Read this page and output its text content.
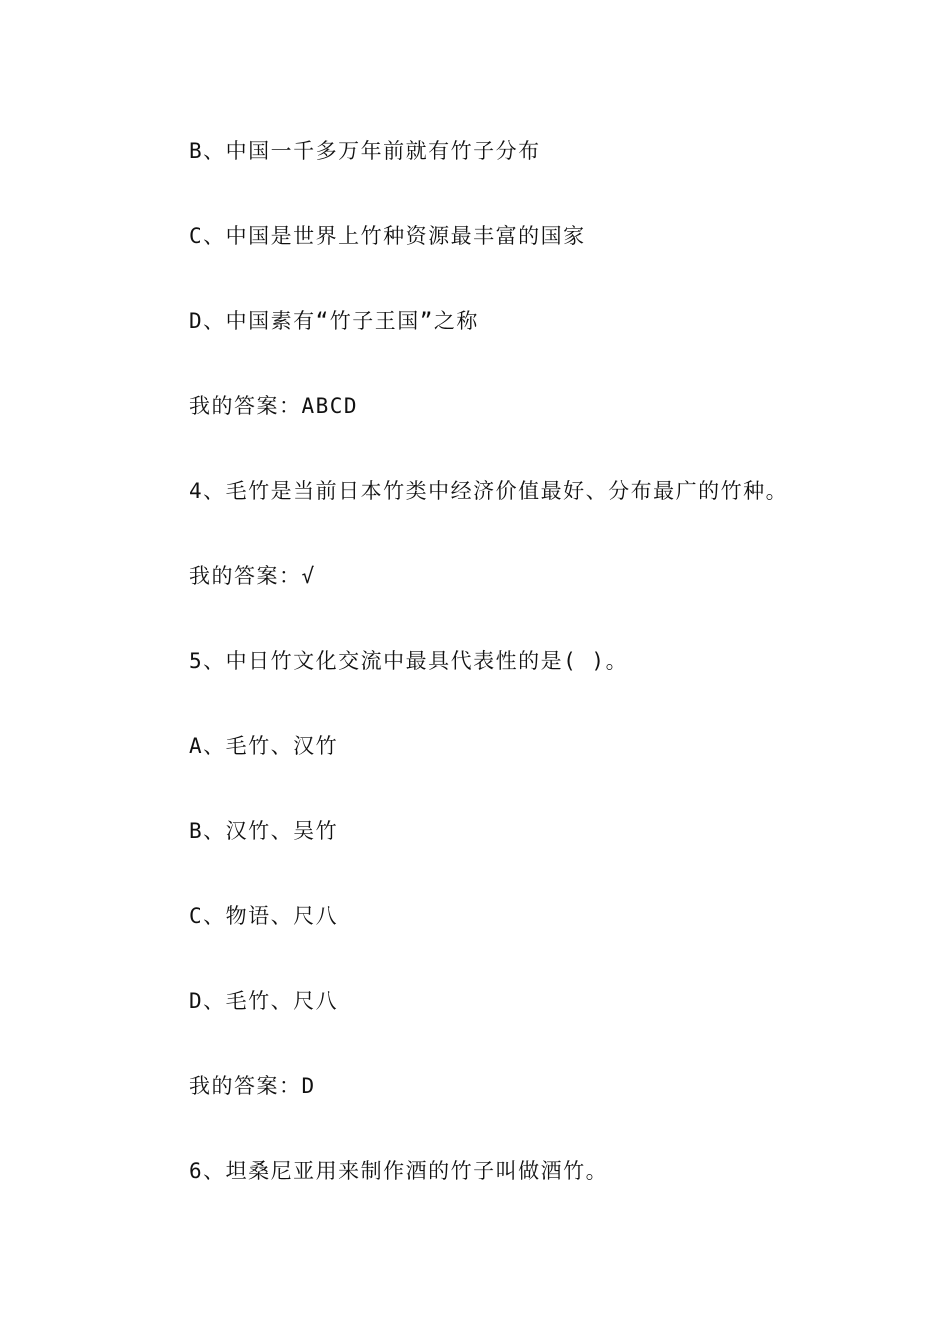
B、中国一千多万年前就有竹子分布

C、中国是世界上竹种资源最丰富的国家

D、中国素有“竹子王国”之称

我的答案：ABCD

4、毛竹是当前日本竹类中经济价值最好、分布最广的竹种。

我的答案：√

5、中日竹文化交流中最具代表性的是( )。

A、毛竹、汉竹

B、汉竹、吴竹

C、物语、尺八

D、毛竹、尺八

我的答案：D

6、坦桑尼亚用来制作酒的竹子叫做酒竹。
